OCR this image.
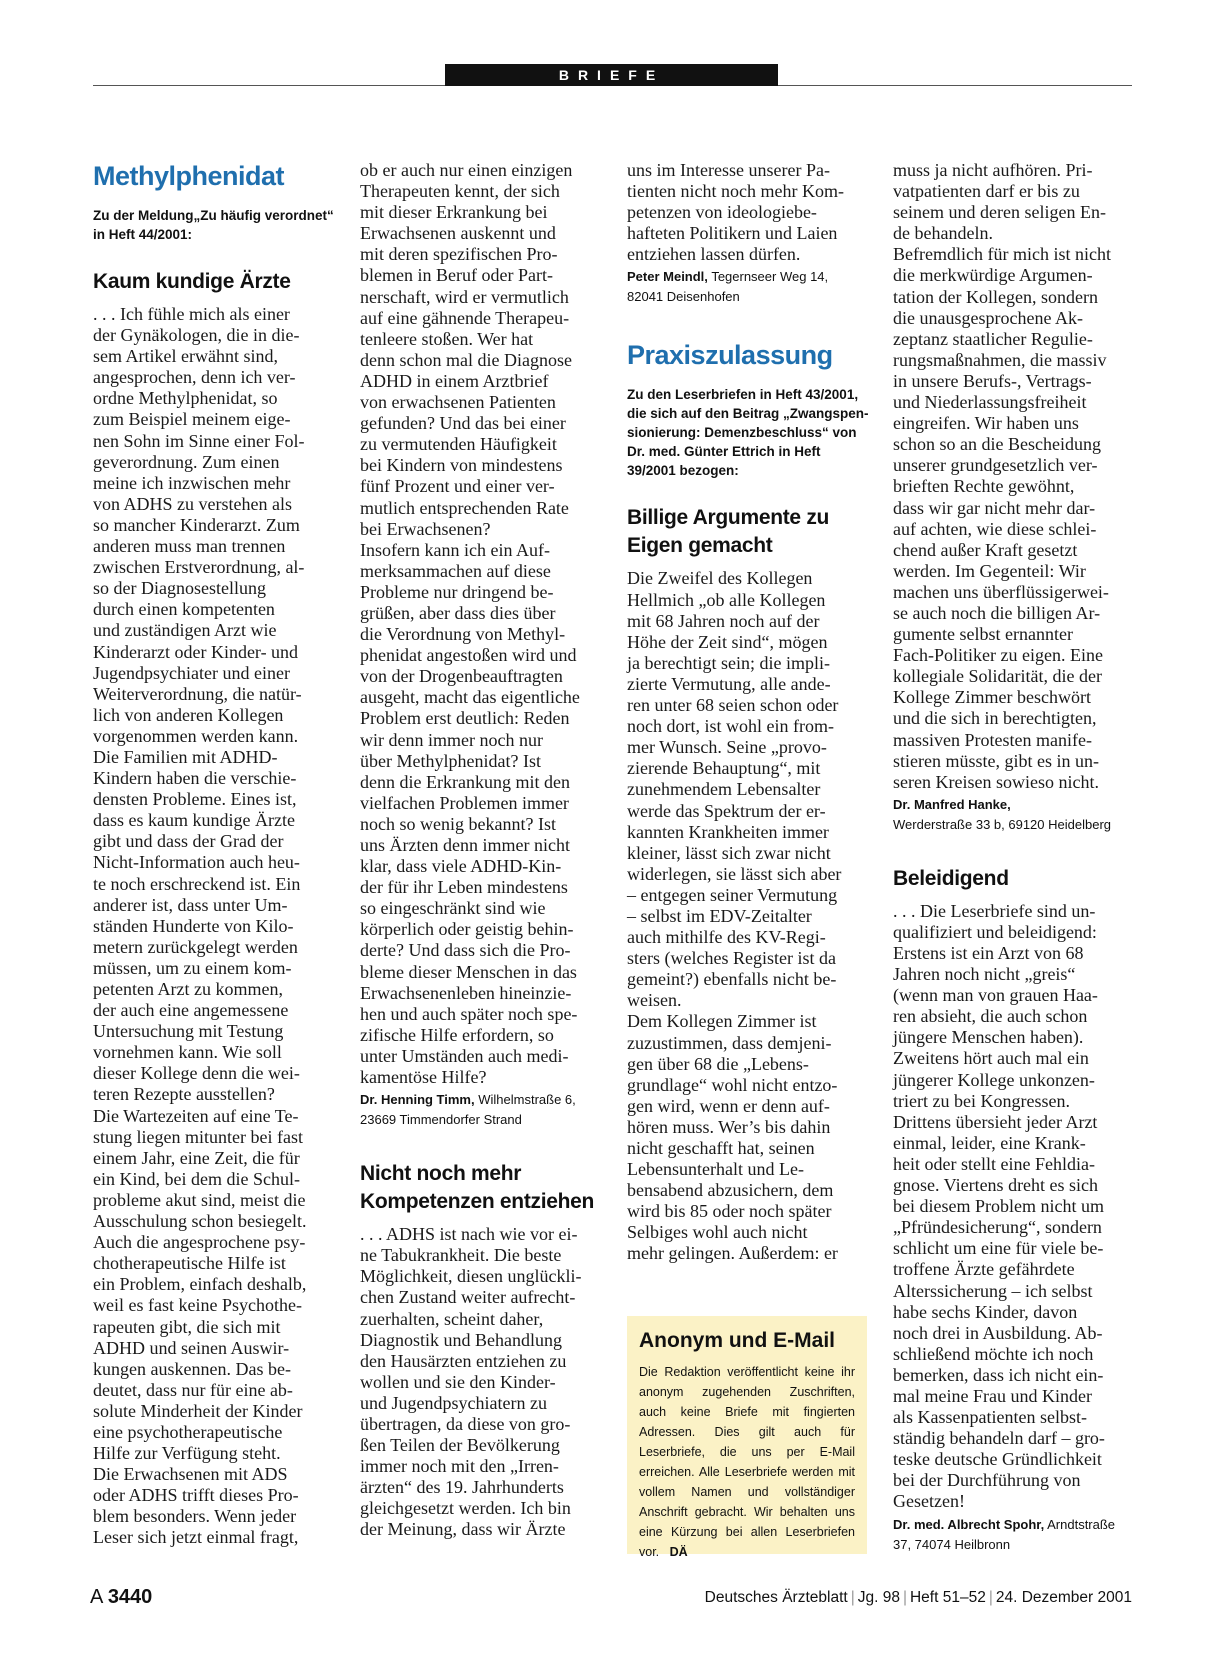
BRIEFE
Methylphenidat
Zu der Meldung„Zu häufig verordnet“
in Heft 44/2001:
Kaum kundige Ärzte
. . . Ich fühle mich als einer
der Gynäkologen, die in die-
sem Artikel erwähnt sind,
angesprochen, denn ich ver-
ordne Methylphenidat, so
zum Beispiel meinem eige-
nen Sohn im Sinne einer Fol-
geverordnung. Zum einen
meine ich inzwischen mehr
von ADHS zu verstehen als
so mancher Kinderarzt. Zum
anderen muss man trennen
zwischen Erstverordnung, al-
so der Diagnosestellung
durch einen kompetenten
und zuständigen Arzt wie
Kinderarzt oder Kinder- und
Jugendpsychiater und einer
Weiterverordnung, die natür-
lich von anderen Kollegen
vorgenommen werden kann.
Die Familien mit ADHD-
Kindern haben die verschie-
densten Probleme. Eines ist,
dass es kaum kundige Ärzte
gibt und dass der Grad der
Nicht-Information auch heu-
te noch erschreckend ist. Ein
anderer ist, dass unter Um-
ständen Hunderte von Kilo-
metern zurückgelegt werden
müssen, um zu einem kom-
petenten Arzt zu kommen,
der auch eine angemessene
Untersuchung mit Testung
vornehmen kann. Wie soll
dieser Kollege denn die wei-
teren Rezepte ausstellen?
Die Wartezeiten auf eine Te-
stung liegen mitunter bei fast
einem Jahr, eine Zeit, die für
ein Kind, bei dem die Schul-
probleme akut sind, meist die
Ausschulung schon besiegelt.
Auch die angesprochene psy-
chotherapeutische Hilfe ist
ein Problem, einfach deshalb,
weil es fast keine Psychothe-
rapeuten gibt, die sich mit
ADHD und seinen Auswir-
kungen auskennen. Das be-
deutet, dass nur für eine ab-
solute Minderheit der Kinder
eine psychotherapeutische
Hilfe zur Verfügung steht.
Die Erwachsenen mit ADS
oder ADHS trifft dieses Pro-
blem besonders. Wenn jeder
Leser sich jetzt einmal fragt,
ob er auch nur einen einzigen
Therapeuten kennt, der sich
mit dieser Erkrankung bei
Erwachsenen auskennt und
mit deren spezifischen Pro-
blemen in Beruf oder Part-
nerschaft, wird er vermutlich
auf eine gähnende Therapeu-
tenleere stoßen. Wer hat
denn schon mal die Diagnose
ADHD in einem Arztbrief
von erwachsenen Patienten
gefunden? Und das bei einer
zu vermutenden Häufigkeit
bei Kindern von mindestens
fünf Prozent und einer ver-
mutlich entsprechenden Rate
bei Erwachsenen?
Insofern kann ich ein Auf-
merksammachen auf diese
Probleme nur dringend be-
grüßen, aber dass dies über
die Verordnung von Methyl-
phenidat angestoßen wird und
von der Drogenbeauftragten
ausgeht, macht das eigentliche
Problem erst deutlich: Reden
wir denn immer noch nur
über Methylphenidat? Ist
denn die Erkrankung mit den
vielfachen Problemen immer
noch so wenig bekannt? Ist
uns Ärzten denn immer nicht
klar, dass viele ADHD-Kin-
der für ihr Leben mindestens
so eingeschränkt sind wie
körperlich oder geistig behin-
derte? Und dass sich die Pro-
bleme dieser Menschen in das
Erwachsenenleben hineinzie-
hen und auch später noch spe-
zifische Hilfe erfordern, so
unter Umständen auch medi-
kamentöse Hilfe?
Dr. Henning Timm, Wilhelmstraße 6,
23669 Timmendorfer Strand
Nicht noch mehr
Kompetenzen entziehen
. . . ADHS ist nach wie vor ei-
ne Tabukrankheit. Die beste
Möglichkeit, diesen unglückli-
chen Zustand weiter aufrecht-
zuerhalten, scheint daher,
Diagnostik und Behandlung
den Hausärzten entziehen zu
wollen und sie den Kinder-
und Jugendpsychiatern zu
übertragen, da diese von gro-
ßen Teilen der Bevölkerung
immer noch mit den „Irren-
ärzten“ des 19. Jahrhunderts
gleichgesetzt werden. Ich bin
der Meinung, dass wir Ärzte
uns im Interesse unserer Pa-
tienten nicht noch mehr Kom-
petenzen von ideologiebe-
hafteten Politikern und Laien
entziehen lassen dürfen.
Peter Meindl, Tegernseer Weg 14,
82041 Deisenhofen
Praxiszulassung
Zu den Leserbriefen in Heft 43/2001,
die sich auf den Beitrag „Zwangspen-
sionierung: Demenzbeschluss“ von
Dr. med. Günter Ettrich in Heft
39/2001 bezogen:
Billige Argumente zu
Eigen gemacht
Die Zweifel des Kollegen
Hellmich „ob alle Kollegen
mit 68 Jahren noch auf der
Höhe der Zeit sind“, mögen
ja berechtigt sein; die impli-
zierte Vermutung, alle ande-
ren unter 68 seien schon oder
noch dort, ist wohl ein from-
mer Wunsch. Seine „provo-
zierende Behauptung“, mit
zunehmendem Lebensalter
werde das Spektrum der er-
kannten Krankheiten immer
kleiner, lässt sich zwar nicht
widerlegen, sie lässt sich aber
– entgegen seiner Vermutung
– selbst im EDV-Zeitalter
auch mithilfe des KV-Regi-
sters (welches Register ist da
gemeint?) ebenfalls nicht be-
weisen.
Dem Kollegen Zimmer ist
zuzustimmen, dass demjeni-
gen über 68 die „Lebens-
grundlage“ wohl nicht entzo-
gen wird, wenn er denn auf-
hören muss. Wer’s bis dahin
nicht geschafft hat, seinen
Lebensunterhalt und Le-
bensabend abzusichern, dem
wird bis 85 oder noch später
Selbiges wohl auch nicht
mehr gelingen. Außerdem: er
Anonym und E-Mail

Die Redaktion veröffentlicht keine ihr anonym zugehenden Zuschriften, auch keine Briefe mit fingierten Adressen. Dies gilt auch für Leserbriefe, die uns per E-Mail erreichen. Alle Leserbriefe werden mit vollem Namen und vollständiger Anschrift gebracht. Wir behalten uns eine Kürzung bei allen Leserbriefen vor. DÄ

muss ja nicht aufhören. Pri-
vatpatienten darf er bis zu
seinem und deren seligen En-
de behandeln.
Befremdlich für mich ist nicht
die merkwürdige Argumen-
tation der Kollegen, sondern
die unausgesprochene Ak-
zeptanz staatlicher Regulie-
rungsmaßnahmen, die massiv
in unsere Berufs-, Vertrags-
und Niederlassungsfreiheit
eingreifen. Wir haben uns
schon so an die Bescheidung
unserer grundgesetzlich ver-
brieften Rechte gewöhnt,
dass wir gar nicht mehr dar-
auf achten, wie diese schlei-
chend außer Kraft gesetzt
werden. Im Gegenteil: Wir
machen uns überflüssigerwei-
se auch noch die billigen Ar-
gumente selbst ernannter
Fach-Politiker zu eigen. Eine
kollegiale Solidarität, die der
Kollege Zimmer beschwört
und die sich in berechtigten,
massiven Protesten manife-
stieren müsste, gibt es in un-
seren Kreisen sowieso nicht.
Dr. Manfred Hanke,
Werderstraße 33 b, 69120 Heidelberg
Beleidigend
. . . Die Leserbriefe sind un-
qualifiziert und beleidigend:
Erstens ist ein Arzt von 68
Jahren noch nicht „greis“
(wenn man von grauen Haa-
ren absieht, die auch schon
jüngere Menschen haben).
Zweitens hört auch mal ein
jüngerer Kollege unkonzen-
triert zu bei Kongressen.
Drittens übersieht jeder Arzt
einmal, leider, eine Krank-
heit oder stellt eine Fehldia-
gnose. Viertens dreht es sich
bei diesem Problem nicht um
„Pfründesicherung“, sondern
schlicht um eine für viele be-
troffene Ärzte gefährdete
Alterssicherung – ich selbst
habe sechs Kinder, davon
noch drei in Ausbildung. Ab-
schließend möchte ich noch
bemerken, dass ich nicht ein-
mal meine Frau und Kinder
als Kassenpatienten selbst-
ständig behandeln darf – gro-
teske deutsche Gründlichkeit
bei der Durchführung von
Gesetzen!
Dr. med. Albrecht Spohr, Arndtstraße
37, 74074 Heilbronn
A 3440	Deutsches Ärzteblatt | Jg. 98 | Heft 51–52 | 24. Dezember 2001
